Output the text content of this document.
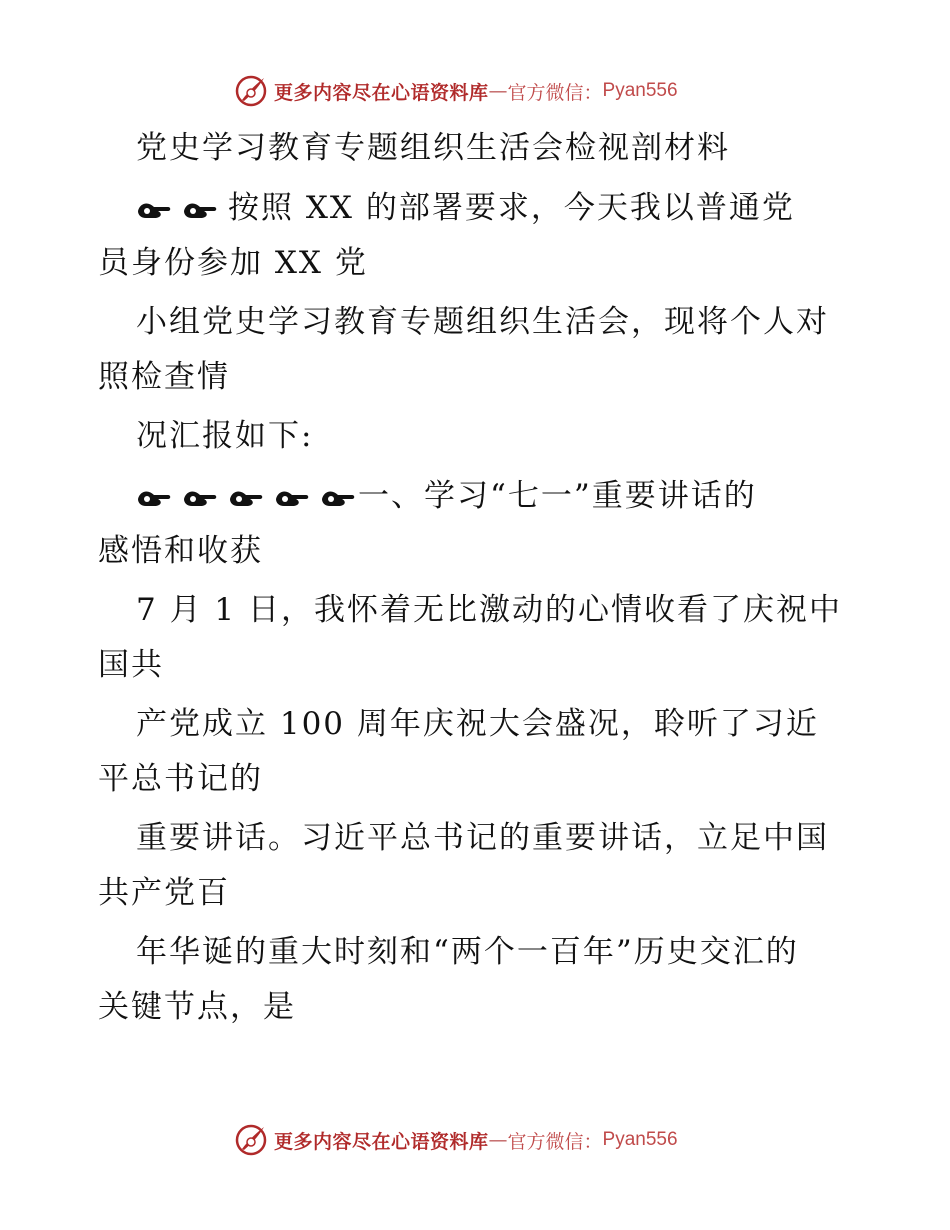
更多内容尽在心语资料库 — 官方微信： Pyan556
党史学习教育专题组织生活会检视剖材料
按照 XX 的部署要求，今天我以普通党
员身份参加 XX 党
小组党史学习教育专题组织生活会，现将个人对
照检查情
况汇报如下:
一、学习“七一”重要讲话的
感悟和收获
7 月 1 日，我怀着无比激动的心情收看了庆祝中
国共
产党成立 100 周年庆祝大会盛况，聆听了习近
平总书记的
重要讲话。习近平总书记的重要讲话，立足中国
共产党百
年华诞的重大时刻和“两个一百年”历史交汇的
关键节点，是
更多内容尽在心语资料库 — 官方微信： Pyan556
